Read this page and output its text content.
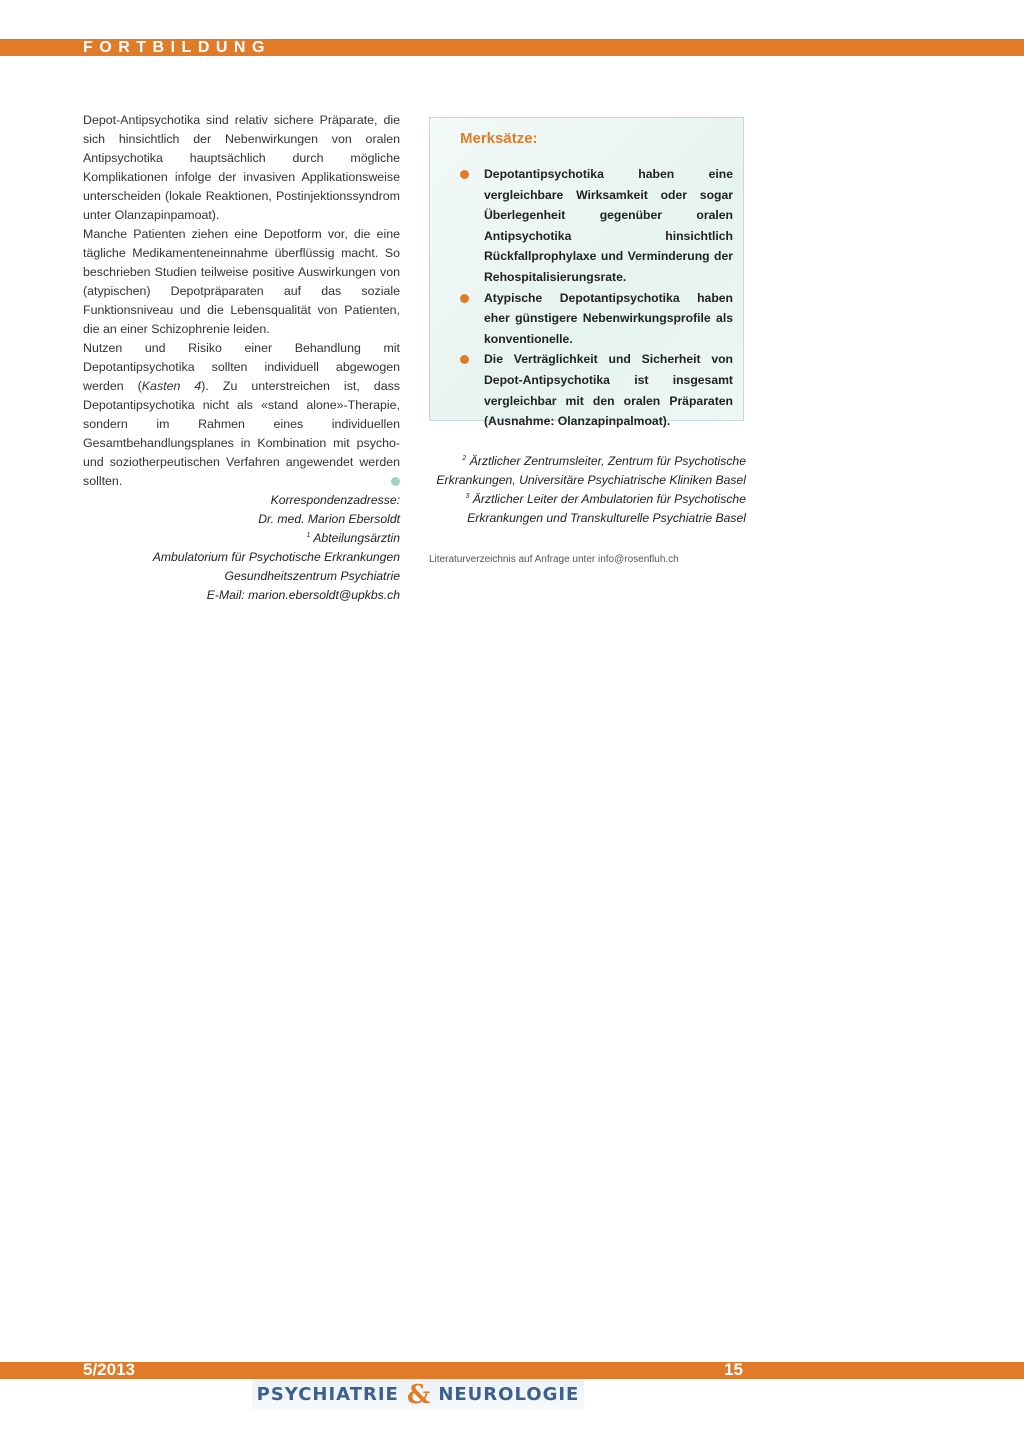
FORTBILDUNG

Depot-Antipsychotika sind relativ sichere Präparate, die sich hinsichtlich der Nebenwirkungen von oralen Antipsychotika hauptsächlich durch mögliche Komplikationen infolge der invasiven Applikationsweise unterscheiden (lokale Reaktionen, Postinjektionssyndrom unter Olanzapinpamoat).

Manche Patienten ziehen eine Depotform vor, die eine tägliche Medikamenteneinnahme überflüssig macht. So beschrieben Studien teilweise positive Auswirkungen von (atypischen) Depotpräparaten auf das soziale Funktionsniveau und die Lebensqualität von Patienten, die an einer Schizophrenie leiden.

Nutzen und Risiko einer Behandlung mit Depotantipsychotika sollten individuell abgewogen werden (Kasten 4). Zu unterstreichen ist, dass Depotantipsychotika nicht als «stand alone»-Therapie, sondern im Rahmen eines individuellen Gesamtbehandlungsplanes in Kombination mit psycho- und soziotherpeutischen Verfahren angewendet werden sollten.

Korrespondenzadresse:
Dr. med. Marion Ebersoldt
$^1$ Abteilungsärztin
Ambulatorium für Psychotische Erkrankungen
Gesundheitszentrum Psychiatrie
E-Mail: marion.ebersoldt@upkbs.ch
Merksätze:
Depotantipsychotika haben eine vergleichbare Wirksamkeit oder sogar Überlegenheit gegenüber oralen Antipsychotika hinsichtlich Rückfallprophylaxe und Verminderung der Rehospitalisierungsrate.
Atypische Depotantipsychotika haben eher günstigere Nebenwirkungsprofile als konventionelle.
Die Verträglichkeit und Sicherheit von Depot-Antipsychotika ist insgesamt vergleichbar mit den oralen Präparaten (Ausnahme: Olanzapinpalmoat).
$^2$ Ärztlicher Zentrumsleiter, Zentrum für Psychotische
Erkrankungen, Universitäre Psychiatrische Kliniken Basel
$^3$ Ärztlicher Leiter der Ambulatorien für Psychotische
Erkrankungen und Transkulturelle Psychiatrie Basel
Literaturverzeichnis auf Anfrage unter info@rosenfluh.ch
5/2013	15
PSYCHIATRIE & NEUROLOGIE
